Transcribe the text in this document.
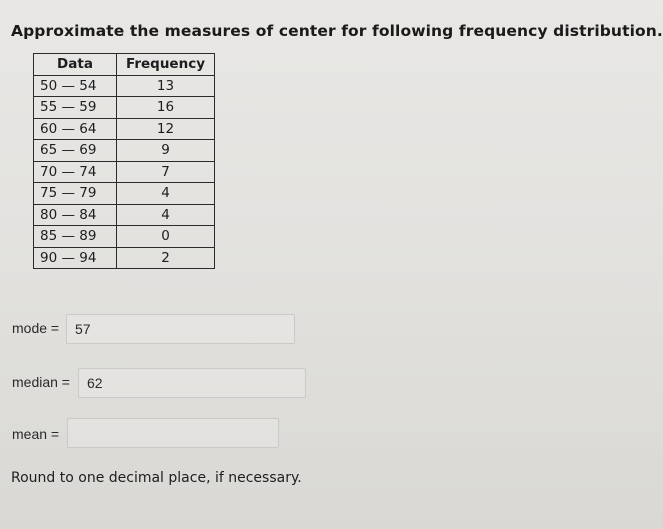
Approximate the measures of center for following frequency distribution.
Data	Frequency
50 — 54	13
55 — 59	16
60 — 64	12
65 — 69	9
70 — 74	7
75 — 79	4
80 — 84	4
85 — 89	0
90 — 94	2
mode = 57
median = 62
mean =
Round to one decimal place, if necessary.
